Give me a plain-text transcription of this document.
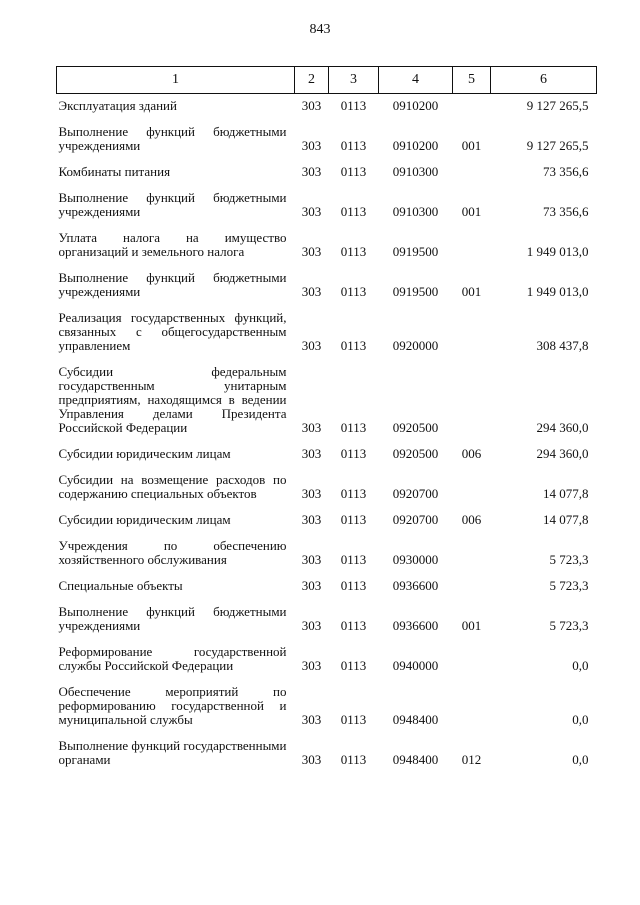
843
1	2	3	4	5	6
Эксплуатация зданий	303	0113	0910200		9 127 265,5
Выполнение функций бюджетными учреждениями	303	0113	0910200	001	9 127 265,5
Комбинаты питания	303	0113	0910300		73 356,6
Выполнение функций бюджетными учреждениями	303	0113	0910300	001	73 356,6
Уплата налога на имущество организаций и земельного налога	303	0113	0919500		1 949 013,0
Выполнение функций бюджетными учреждениями	303	0113	0919500	001	1 949 013,0
Реализация государственных функций, связанных с общегосударственным управлением	303	0113	0920000		308 437,8
Субсидии федеральным государственным унитарным предприятиям, находящимся в ведении Управления делами Президента Российской Федерации	303	0113	0920500		294 360,0
Субсидии юридическим лицам	303	0113	0920500	006	294 360,0
Субсидии на возмещение расходов по содержанию специальных объектов	303	0113	0920700		14 077,8
Субсидии юридическим лицам	303	0113	0920700	006	14 077,8
Учреждения по обеспечению хозяйственного обслуживания	303	0113	0930000		5 723,3
Специальные объекты	303	0113	0936600		5 723,3
Выполнение функций бюджетными учреждениями	303	0113	0936600	001	5 723,3
Реформирование государственной службы Российской Федерации	303	0113	0940000		0,0
Обеспечение мероприятий по реформированию государственной и муниципальной службы	303	0113	0948400		0,0
Выполнение функций государственными органами	303	0113	0948400	012	0,0
